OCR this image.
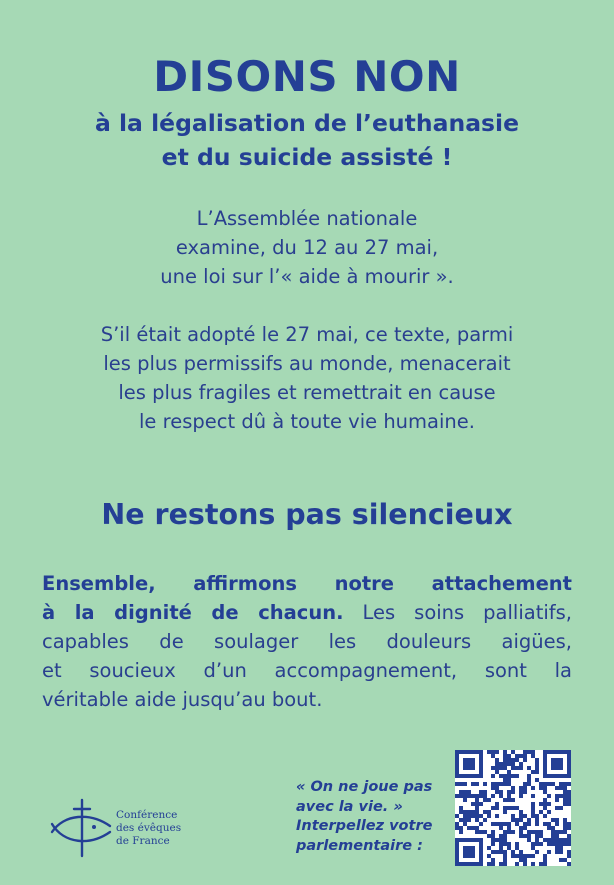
DISONS NON
à la légalisation de l’euthanasie
et du suicide assisté !
L’Assemblée nationale
examine, du 12 au 27 mai,
une loi sur l’« aide à mourir ».
S’il était adopté le 27 mai, ce texte, parmi
les plus permissifs au monde, menacerait
les plus fragiles et remettrait en cause
le respect dû à toute vie humaine.
Ne restons pas silencieux
Ensemble, affirmons notre attachement
à la dignité de chacun. Les soins palliatifs,
capables de soulager les douleurs aigües,
et soucieux d’un accompagnement, sont la
véritable aide jusqu’au bout.
Conférence
des évêques
de France
« On ne joue pas
avec la vie. »
Interpellez votre
parlementaire :
